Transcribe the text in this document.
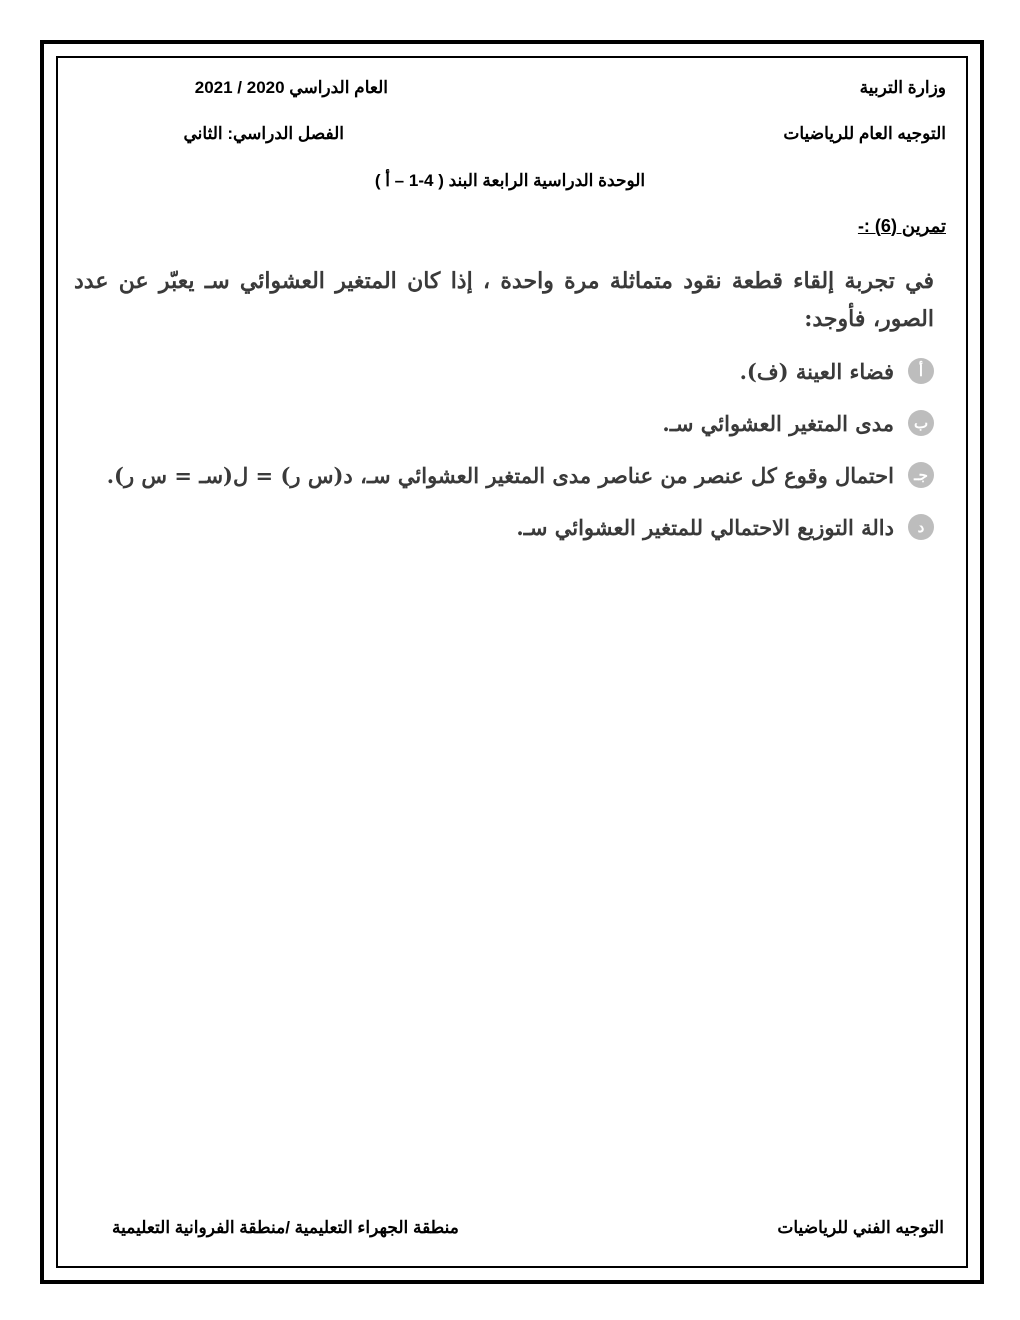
وزارة التربية
العام الدراسي 2020 / 2021
التوجيه العام للرياضيات
الفصل الدراسي: الثاني
الوحدة الدراسية الرابعة البند ( 4-1 – أ )
تمرين (6) :-
في تجربة إلقاء قطعة نقود متماثلة مرة واحدة ، إذا كان المتغير العشوائي سـ يعبّر عن عدد الصور، فأوجد:
أ
فضاء العينة (ف).
ب
مدى المتغير العشوائي سـ.
جـ
احتمال وقوع كل عنصر من عناصر مدى المتغير العشوائي سـ، د(س ر) = ل(سـ = س ر).
د
دالة التوزيع الاحتمالي للمتغير العشوائي سـ.
التوجيه الفني للرياضيات
منطقة الجهراء التعليمية /منطقة الفروانية التعليمية
